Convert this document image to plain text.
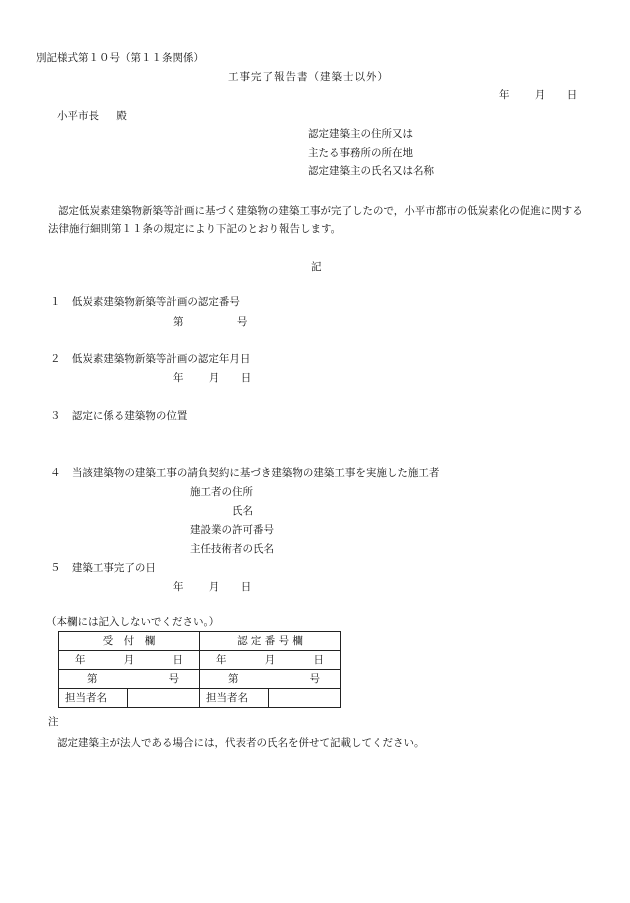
別記様式第１０号（第１１条関係）
工事完了報告書（建築士以外）
年 月 日
小平市長 殿
認定建築主の住所又は
主たる事務所の所在地
認定建築主の氏名又は名称
認定低炭素建築物新築等計画に基づく建築物の建築工事が完了したので，小平市都市の低炭素化の促進に関する
法律施行細則第１１条の規定により下記のとおり報告します。
記
１ 低炭素建築物新築等計画の認定番号
第	号
２ 低炭素建築物新築等計画の認定年月日
年 月 日
３ 認定に係る建築物の位置
４ 当該建築物の建築工事の請負契約に基づき建築物の建築工事を実施した施工者
施工者の住所
氏名
建設業の許可番号
主任技術者の氏名
５ 建築工事完了の日
年 月 日
（本欄には記入しないでください。）
受　付　欄		認 定 番 号 欄	

年 月 日		年 月 日	

第 号		第 号	

担当者名		担当者名	
注
認定建築主が法人である場合には，代表者の氏名を併せて記載してください。
